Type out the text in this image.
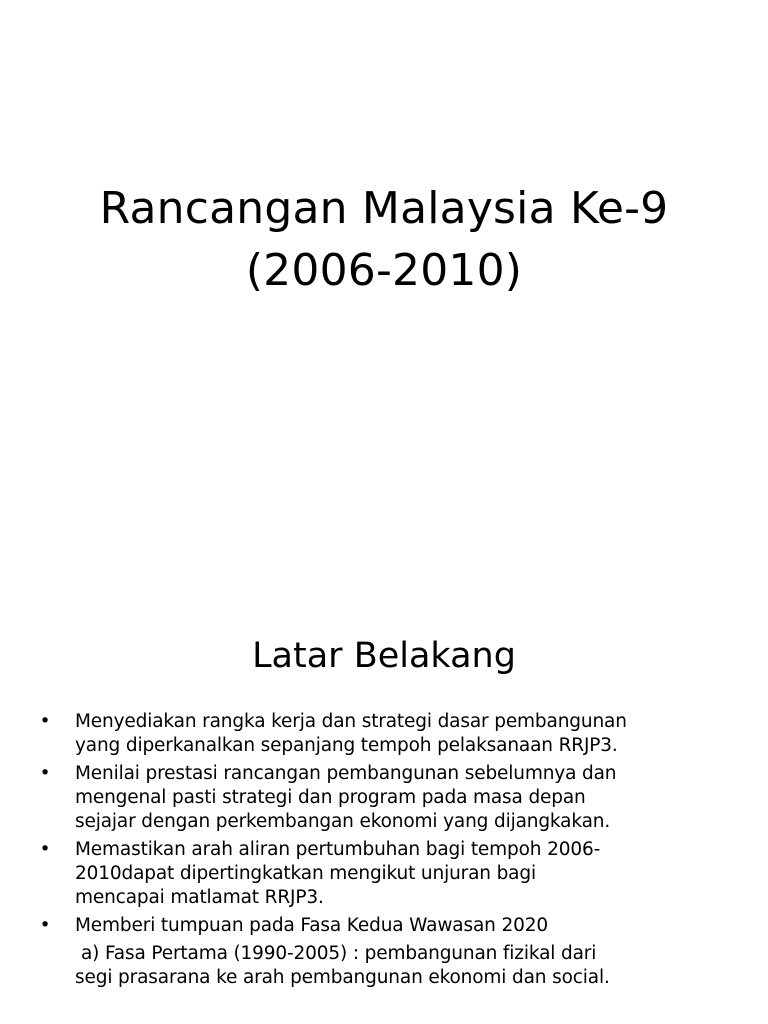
Rancangan Malaysia Ke-9
(2006-2010)
Latar Belakang
• Menyediakan rangka kerja dan strategi dasar pembangunan
yang diperkanalkan sepanjang tempoh pelaksanaan RRJP3.
• Menilai prestasi rancangan pembangunan sebelumnya dan
mengenal pasti strategi dan program pada masa depan
sejajar dengan perkembangan ekonomi yang dijangkakan.
• Memastikan arah aliran pertumbuhan bagi tempoh 2006-
2010dapat dipertingkatkan mengikut unjuran bagi
mencapai matlamat RRJP3.
• Memberi tumpuan pada Fasa Kedua Wawasan 2020
a) Fasa Pertama (1990-2005) : pembangunan fizikal dari
segi prasarana ke arah pembangunan ekonomi dan social.
